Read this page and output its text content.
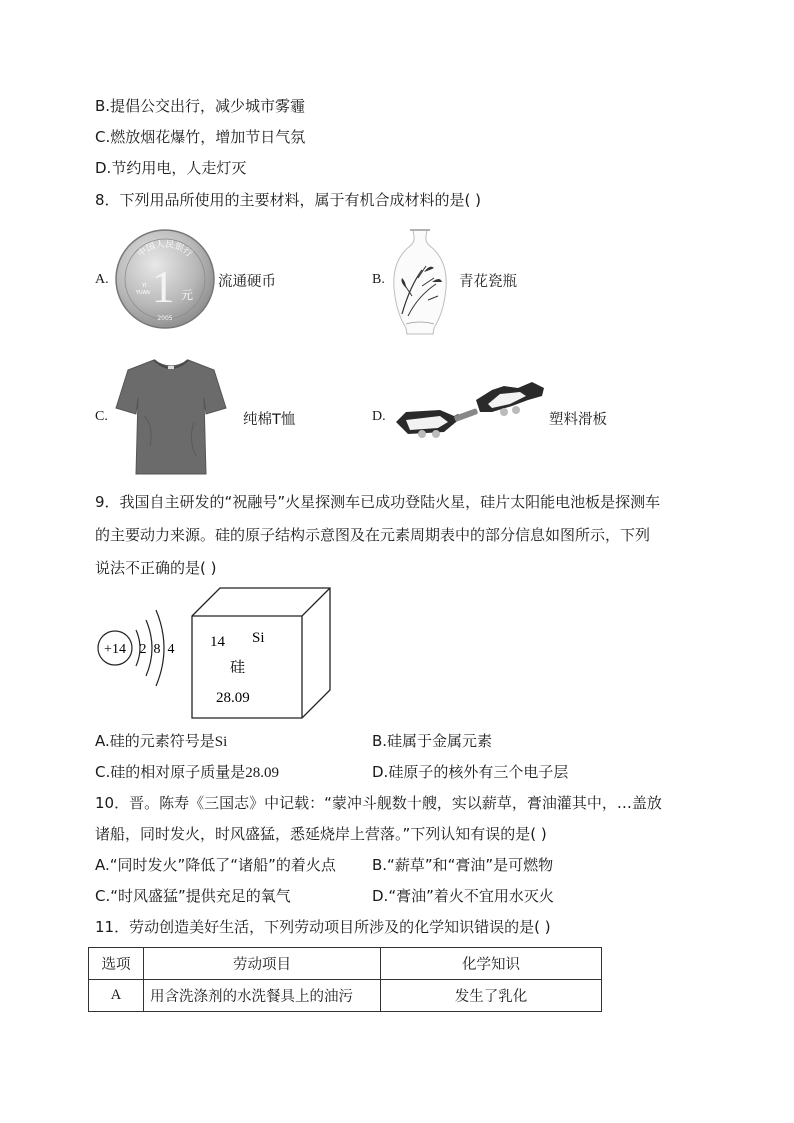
B.提倡公交出行，减少城市雾霾
C.燃放烟花爆竹，增加节日气氛
D.节约用电，人走灯灭
8．下列用品所使用的主要材料，属于有机合成材料的是( )
A.
中国人民银行
1 元
YI
YUAN
2005
流通硬币	B.	青花瓷瓶
C.	纯棉T恤	D.	塑料滑板
9．我国自主研发的“祝融号”火星探测车已成功登陆火星，硅片太阳能电池板是探测车
的主要动力来源。硅的原子结构示意图及在元素周期表中的部分信息如图所示，下列
说法不正确的是( )
+14 2 8 4 14 Si
硅
28.09
A.硅的元素符号是Si	B.硅属于金属元素
C.硅的相对原子质量是28.09	D.硅原子的核外有三个电子层
10．晋。陈寿《三国志》中记载：“蒙冲斗舰数十艘，实以薪草，膏油灌其中，…盖放
诸船，同时发火，时风盛猛，悉延烧岸上营落。”下列认知有误的是( )
A.“同时发火”降低了“诸船”的着火点 B.“薪草”和“膏油”是可燃物
C.“时风盛猛”提供充足的氧气	D.“膏油”着火不宜用水灭火
11．劳动创造美好生活，下列劳动项目所涉及的化学知识错误的是( )
选项	劳动项目	化学知识
A	用含洗涤剂的水洗餐具上的油污	发生了乳化
